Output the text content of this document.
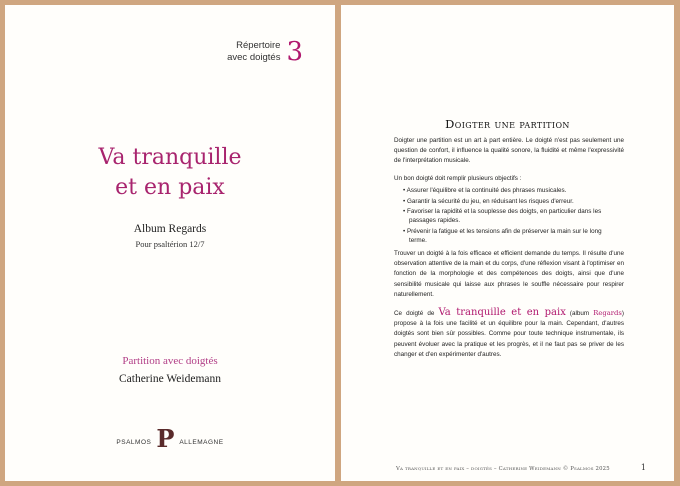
Répertoire
avec doigtés 3
Va tranquille
et en paix
Album Regards
Pour psaltérion 12/7
Partition avec doigtés
Catherine Weidemann
PSALMOS P ALLEMAGNE
Doigter une partition
Doigter une partition est un art à part entière. Le doigté n'est pas seulement une question de confort, il influence la qualité sonore, la fluidité et même l'expressivité de l'interprétation musicale.
Un bon doigté doit remplir plusieurs objectifs :
• Assurer l'équilibre et la continuité des phrases musicales.
• Garantir la sécurité du jeu, en réduisant les risques d'erreur.
• Favoriser la rapidité et la souplesse des doigts, en particulier dans les passages rapides.
• Prévenir la fatigue et les tensions afin de préserver la main sur le long terme.
Trouver un doigté à la fois efficace et efficient demande du temps. Il résulte d'une observation attentive de la main et du corps, d'une réflexion visant à l'optimiser en fonction de la morphologie et des compétences des doigts, ainsi que d'une sensibilité musicale qui laisse aux phrases le souffle nécessaire pour respirer naturellement.
Ce doigté de Va tranquille et en paix (album Regards) propose à la fois une facilité et un équilibre pour la main. Cependant, d'autres doigtés sont bien sûr possibles. Comme pour toute technique instrumentale, ils peuvent évoluer avec la pratique et les progrès, et il ne faut pas se priver de les changer et d'en expérimenter d'autres.
Va tranquille et en paix – doigtés – Catherine Weidemann © Psalmos 2025	1
